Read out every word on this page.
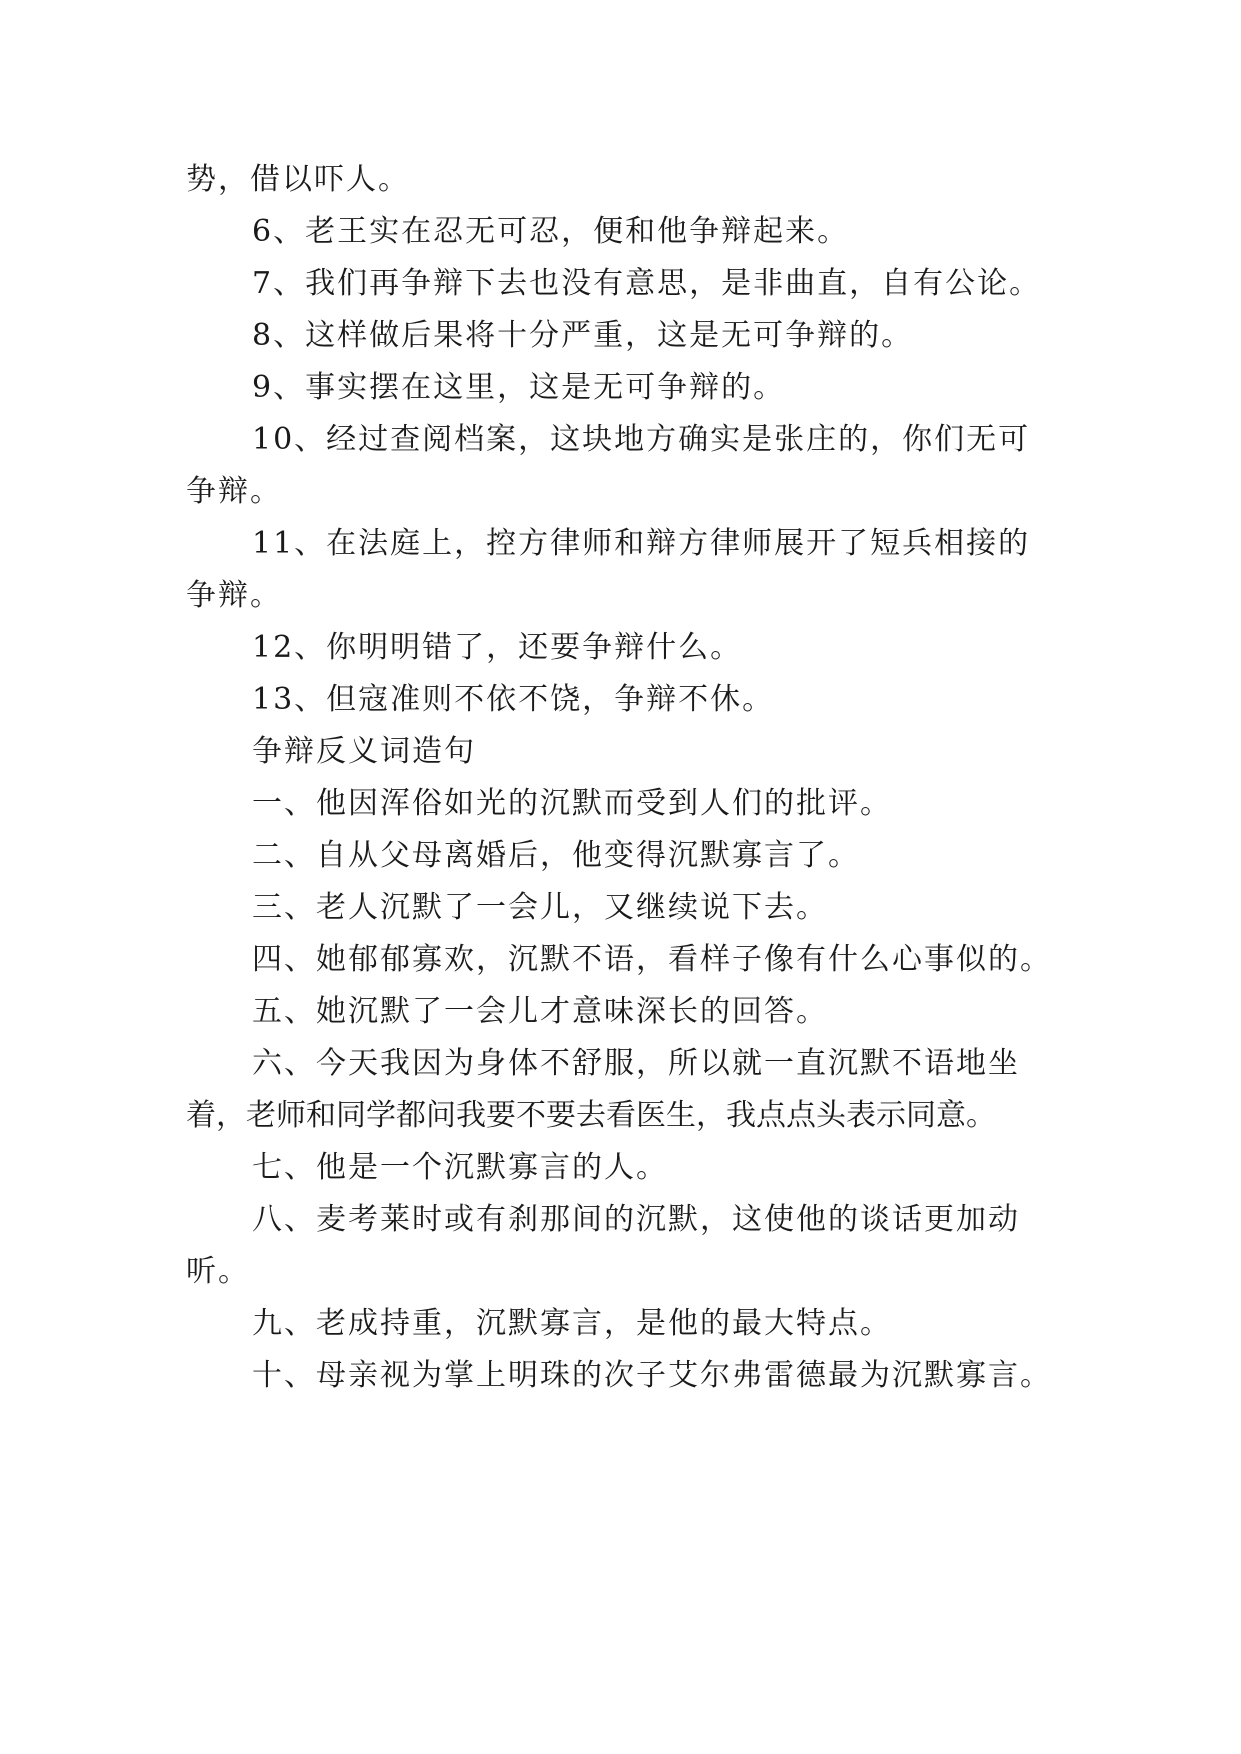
势，借以吓人。
6、老王实在忍无可忍，便和他争辩起来。
7、我们再争辩下去也没有意思，是非曲直，自有公论。
8、这样做后果将十分严重，这是无可争辩的。
9、事实摆在这里，这是无可争辩的。
10、经过查阅档案，这块地方确实是张庄的，你们无可
争辩。
11、在法庭上，控方律师和辩方律师展开了短兵相接的
争辩。
12、你明明错了，还要争辩什么。
13、但寇准则不依不饶，争辩不休。
争辩反义词造句
一、他因浑俗如光的沉默而受到人们的批评。
二、自从父母离婚后，他变得沉默寡言了。
三、老人沉默了一会儿，又继续说下去。
四、她郁郁寡欢，沉默不语，看样子像有什么心事似的。
五、她沉默了一会儿才意味深长的回答。
六、今天我因为身体不舒服，所以就一直沉默不语地坐
着，老师和同学都问我要不要去看医生，我点点头表示同意。
七、他是一个沉默寡言的人。
八、麦考莱时或有刹那间的沉默，这使他的谈话更加动
听。
九、老成持重，沉默寡言，是他的最大特点。
十、母亲视为掌上明珠的次子艾尔弗雷德最为沉默寡言。
